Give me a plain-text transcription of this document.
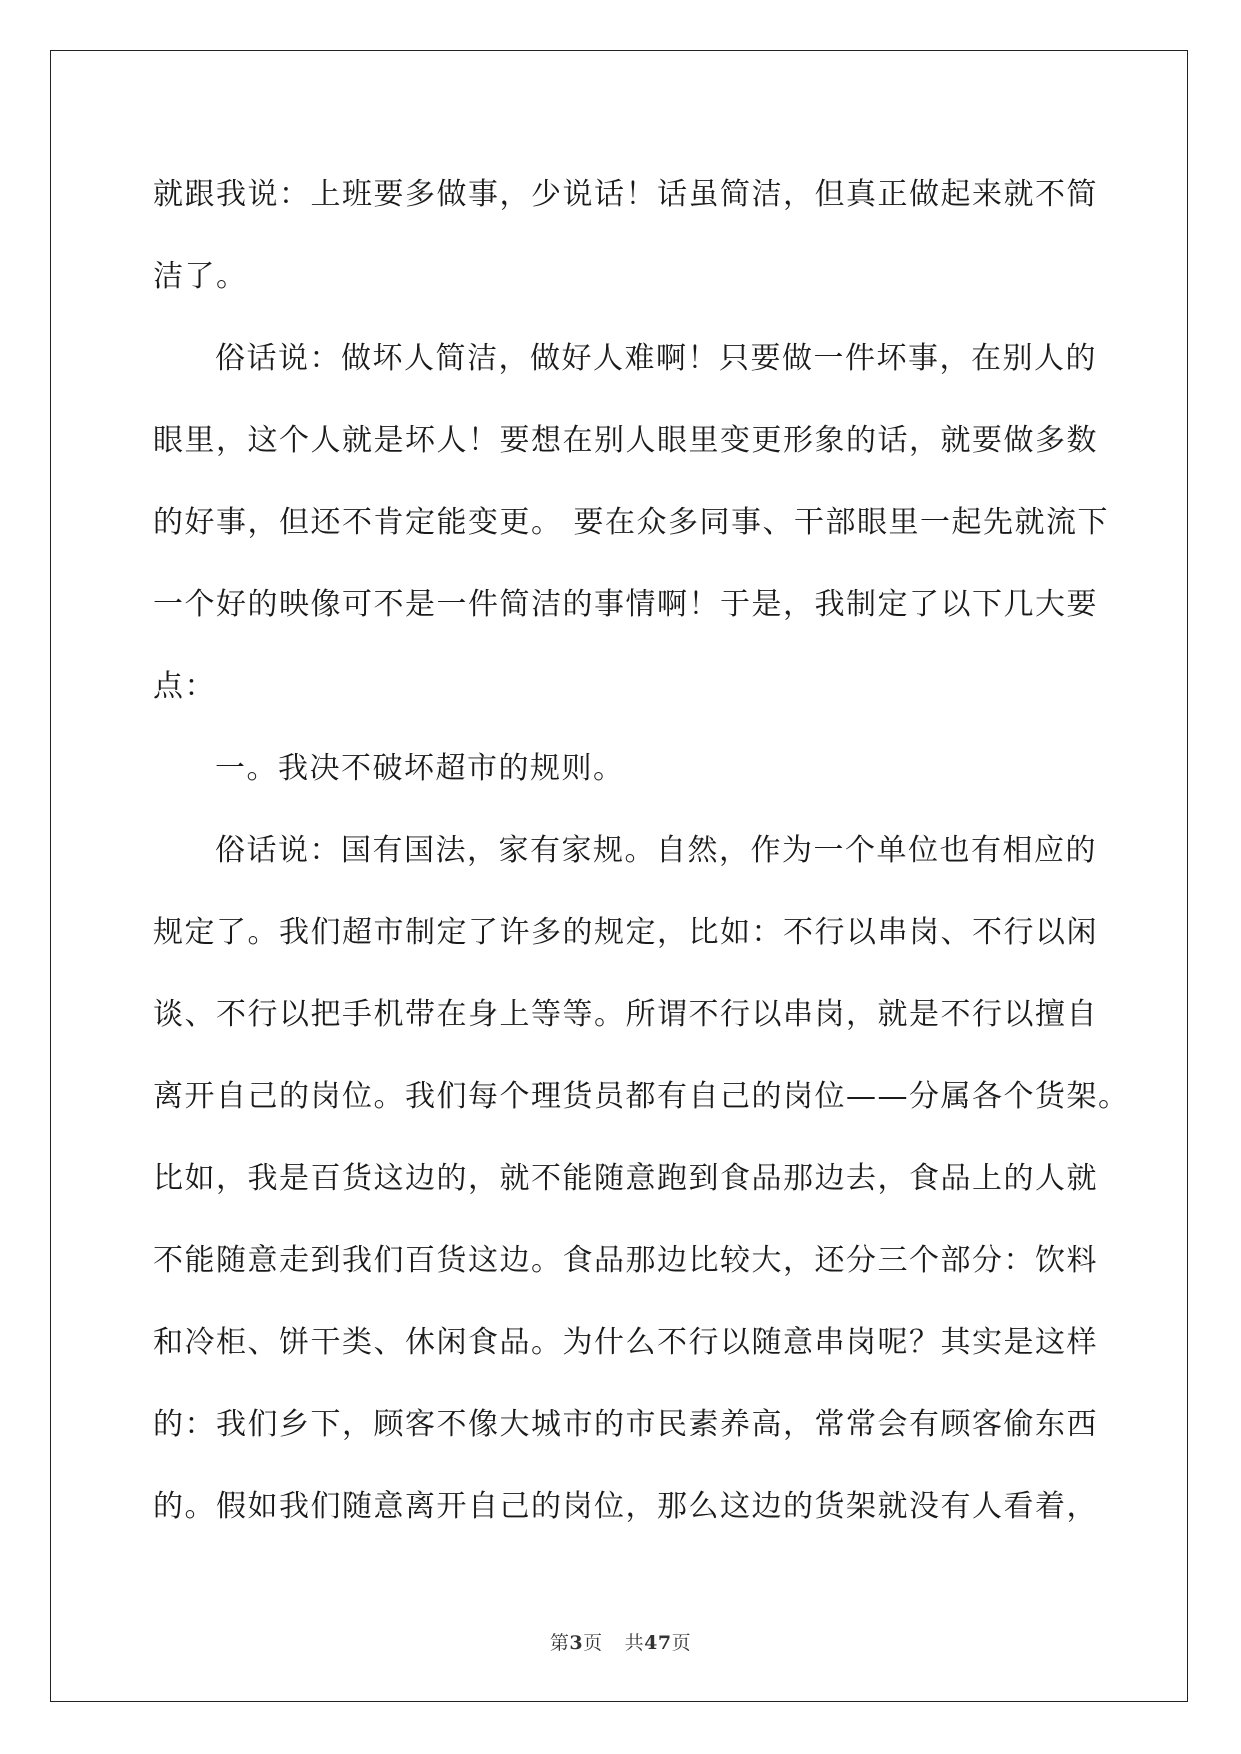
就跟我说：上班要多做事，少说话！话虽简洁，但真正做起来就不简
洁了。
俗话说：做坏人简洁，做好人难啊！只要做一件坏事，在别人的
眼里，这个人就是坏人！要想在别人眼里变更形象的话，就要做多数
的好事，但还不肯定能变更。 要在众多同事、干部眼里一起先就流下
一个好的映像可不是一件简洁的事情啊！于是，我制定了以下几大要
点：
一。我决不破坏超市的规则。
俗话说：国有国法，家有家规。自然，作为一个单位也有相应的
规定了。我们超市制定了许多的规定，比如：不行以串岗、不行以闲
谈、不行以把手机带在身上等等。所谓不行以串岗，就是不行以擅自
离开自己的岗位。我们每个理货员都有自己的岗位——分属各个货架。
比如，我是百货这边的，就不能随意跑到食品那边去，食品上的人就
不能随意走到我们百货这边。食品那边比较大，还分三个部分：饮料
和冷柜、饼干类、休闲食品。为什么不行以随意串岗呢？其实是这样
的：我们乡下，顾客不像大城市的市民素养高，常常会有顾客偷东西
的。假如我们随意离开自己的岗位，那么这边的货架就没有人看着，
第3页 共47页
